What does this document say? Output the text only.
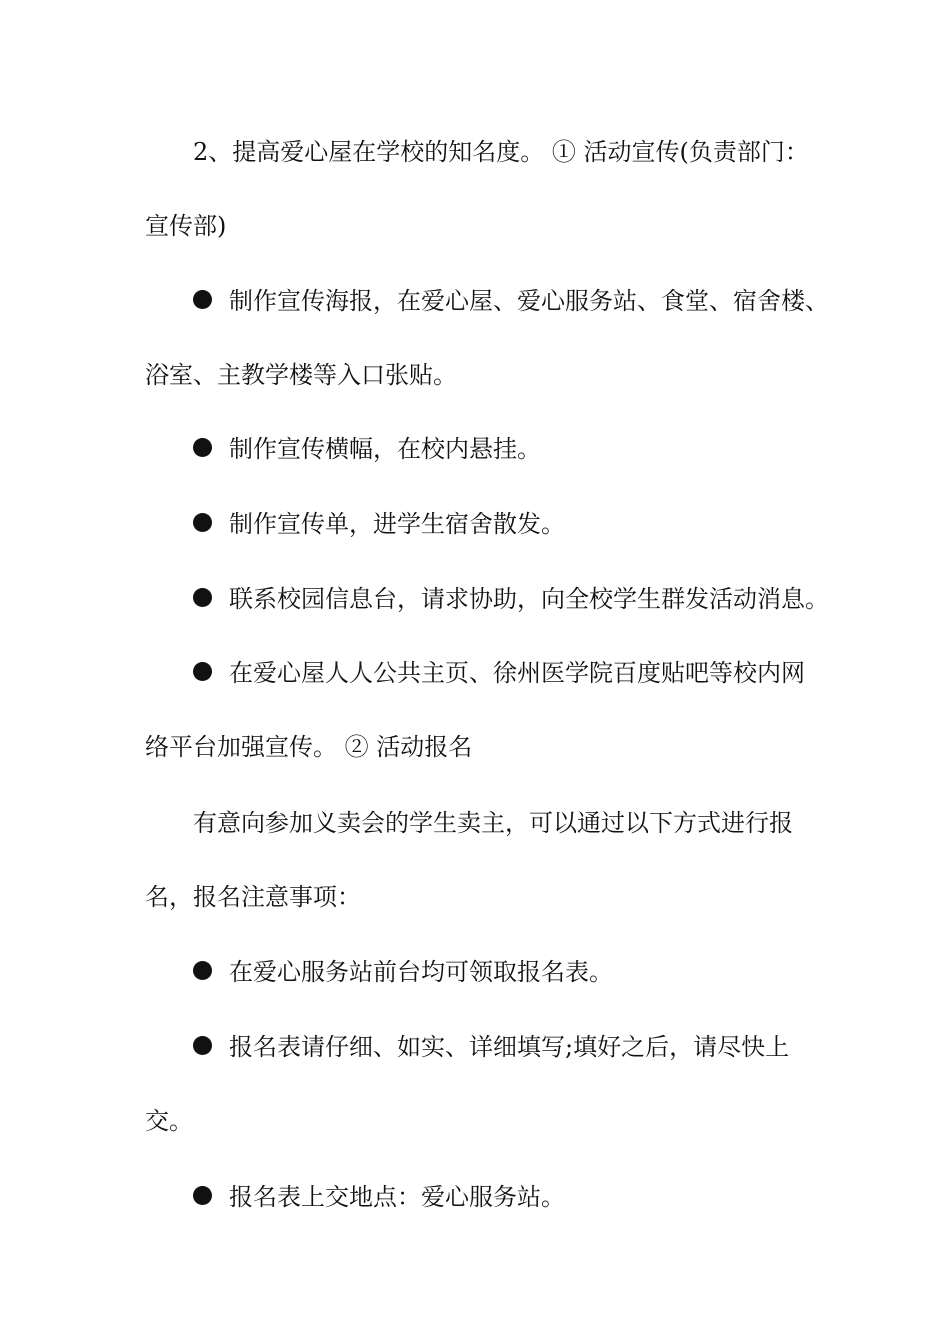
2、提高爱心屋在学校的知名度。 ① 活动宣传(负责部门：
宣传部)
制作宣传海报，在爱心屋、爱心服务站、食堂、宿舍楼、
浴室、主教学楼等入口张贴。
制作宣传横幅，在校内悬挂。
制作宣传单，进学生宿舍散发。
联系校园信息台，请求协助，向全校学生群发活动消息。
在爱心屋人人公共主页、徐州医学院百度贴吧等校内网
络平台加强宣传。 ② 活动报名
有意向参加义卖会的学生卖主，可以通过以下方式进行报
名，报名注意事项：
在爱心服务站前台均可领取报名表。
报名表请仔细、如实、详细填写;填好之后，请尽快上
交。
报名表上交地点：爱心服务站。
